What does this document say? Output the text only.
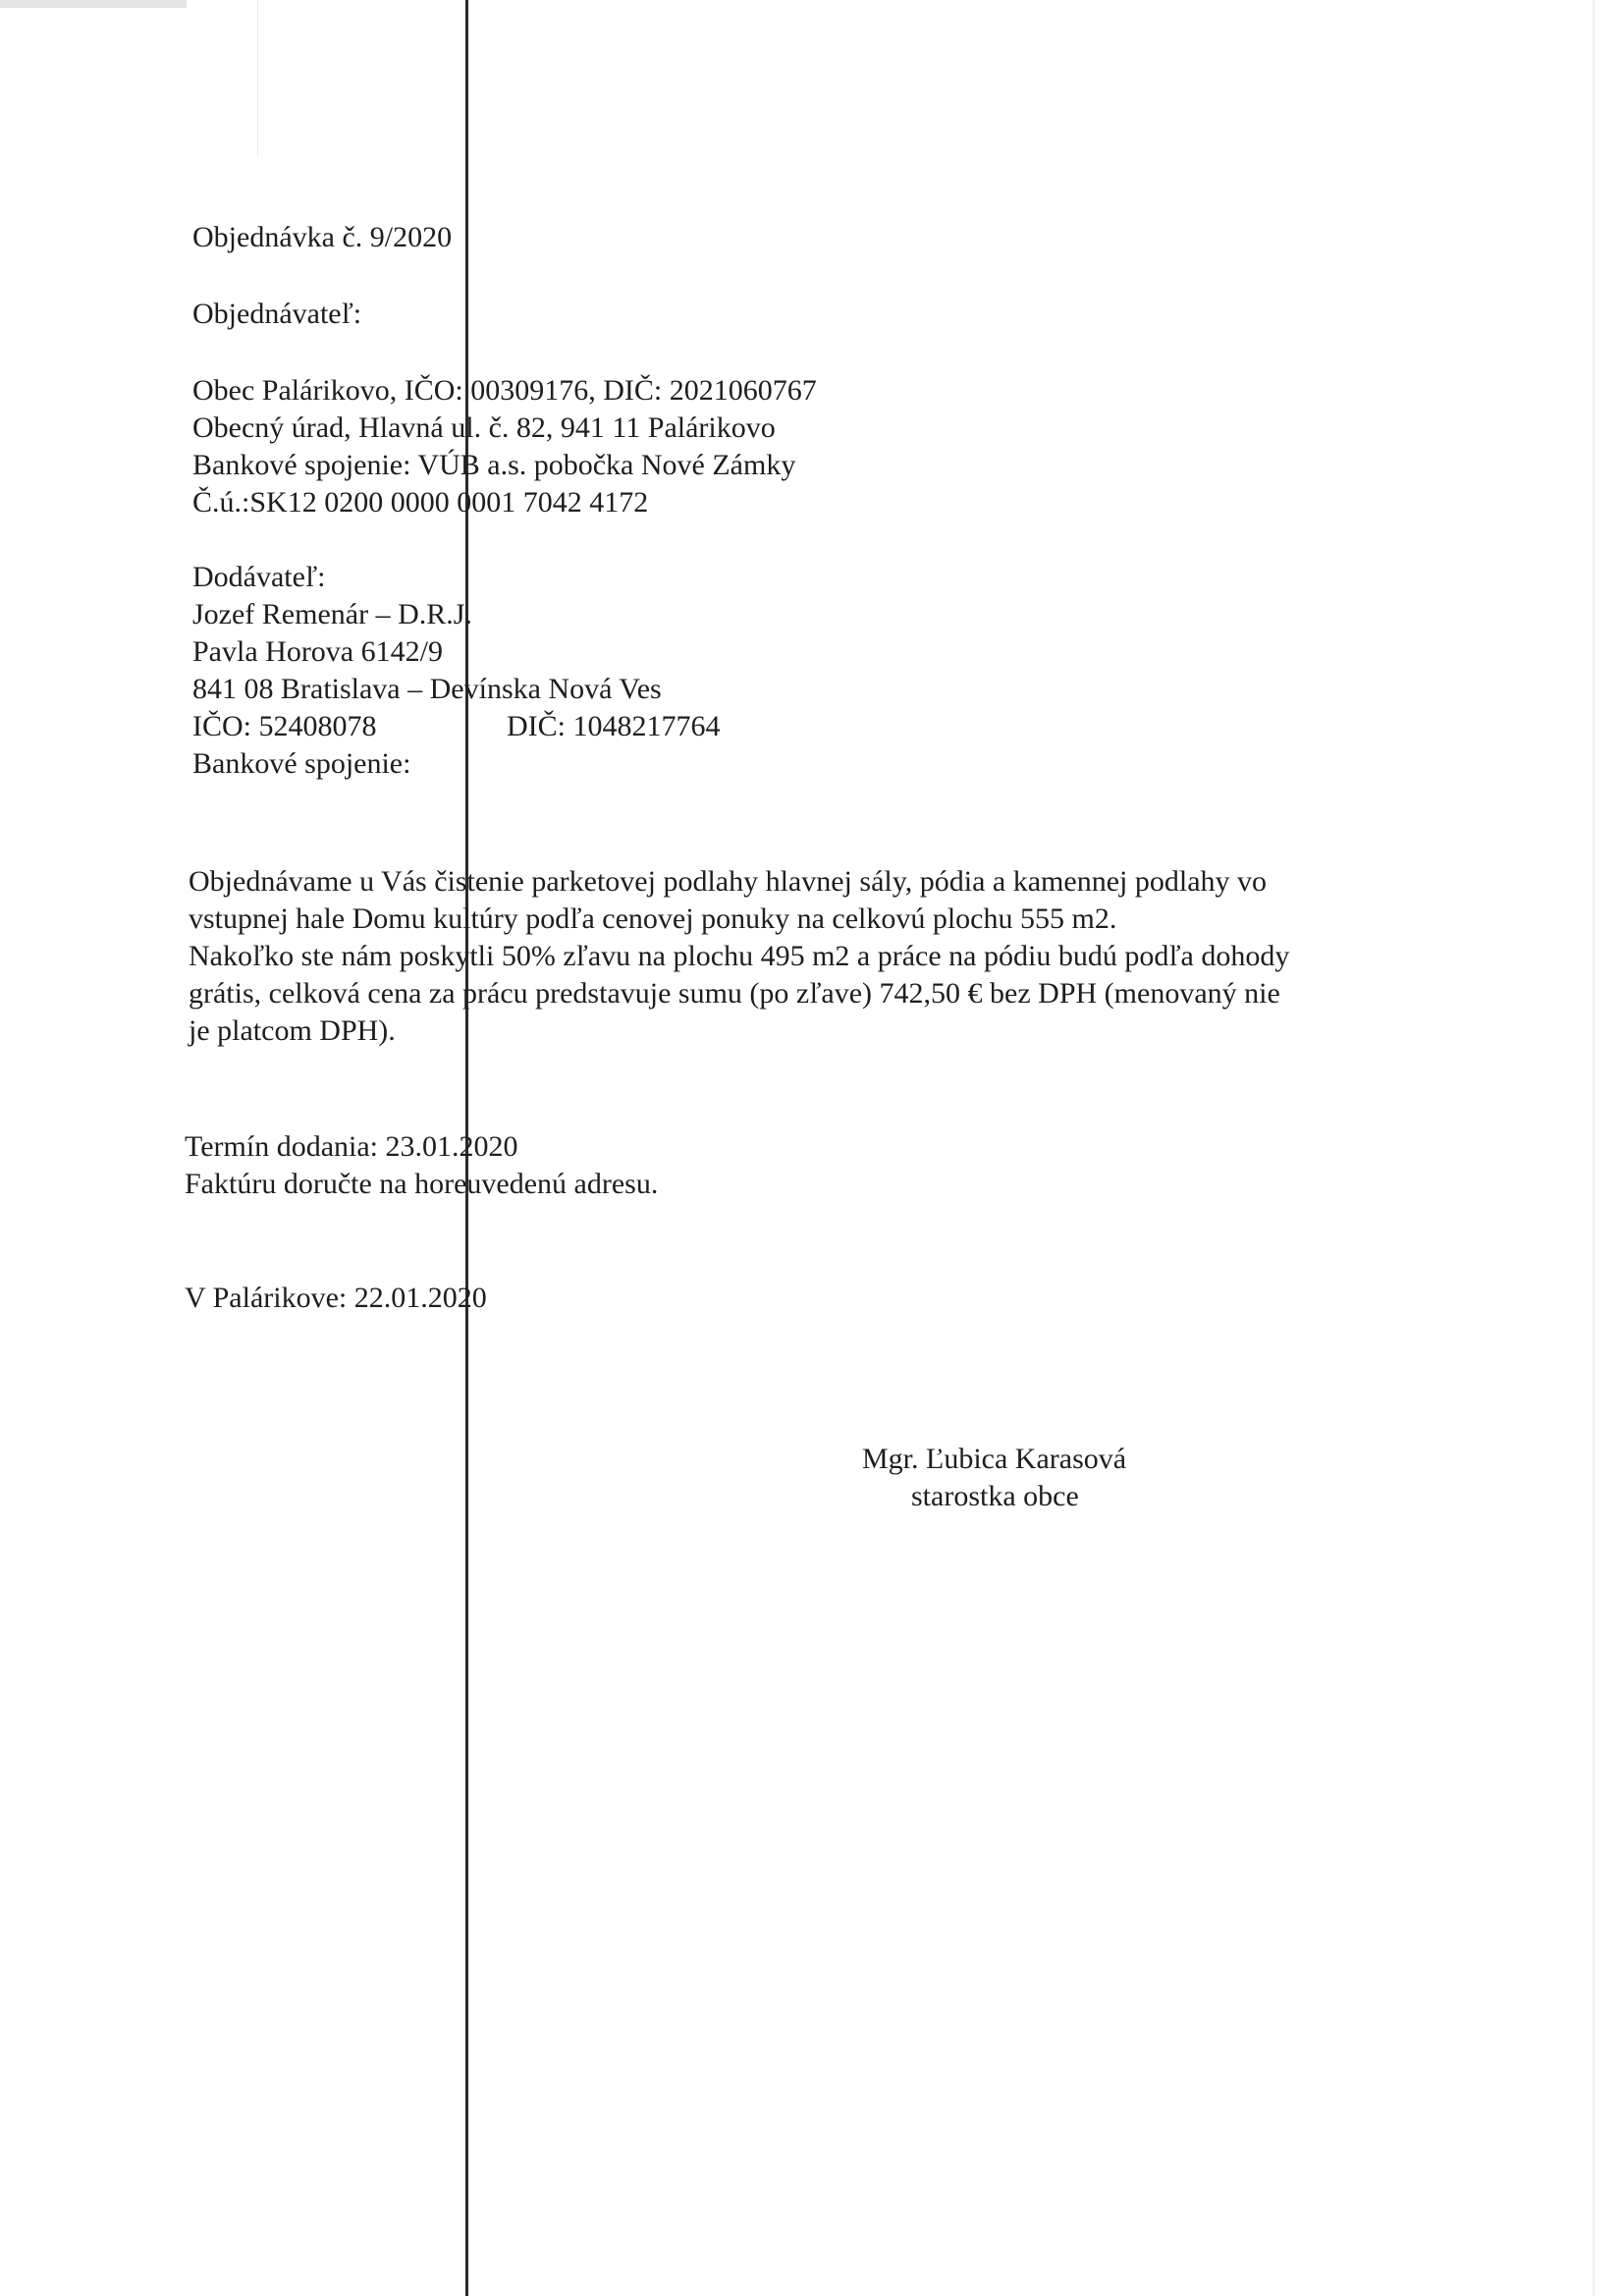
Objednávka č. 9/2020
Objednávateľ:
Obec Palárikovo, IČO: 00309176, DIČ: 2021060767
Obecný úrad, Hlavná ul. č. 82, 941 11 Palárikovo
Bankové spojenie: VÚB a.s. pobočka Nové Zámky
Č.ú.:SK12 0200 0000 0001 7042 4172
Dodávateľ:
Jozef Remenár – D.R.J.
Pavla Horova 6142/9
841 08 Bratislava – Devínska Nová Ves
IČO: 52408078	DIČ: 1048217764
Bankové spojenie:
Objednávame u Vás čistenie parketovej podlahy hlavnej sály, pódia a kamennej podlahy vo
vstupnej hale Domu kultúry podľa cenovej ponuky na celkovú plochu 555 m2.
Nakoľko ste nám poskytli 50% zľavu na plochu 495 m2 a práce na pódiu budú podľa dohody
grátis, celková cena za prácu predstavuje sumu (po zľave) 742,50 € bez DPH (menovaný nie
je platcom DPH).
Termín dodania: 23.01.2020
Faktúru doručte na horeuvedenú adresu.
V Palárikove: 22.01.2020
Mgr. Ľubica Karasová
starostka obce
